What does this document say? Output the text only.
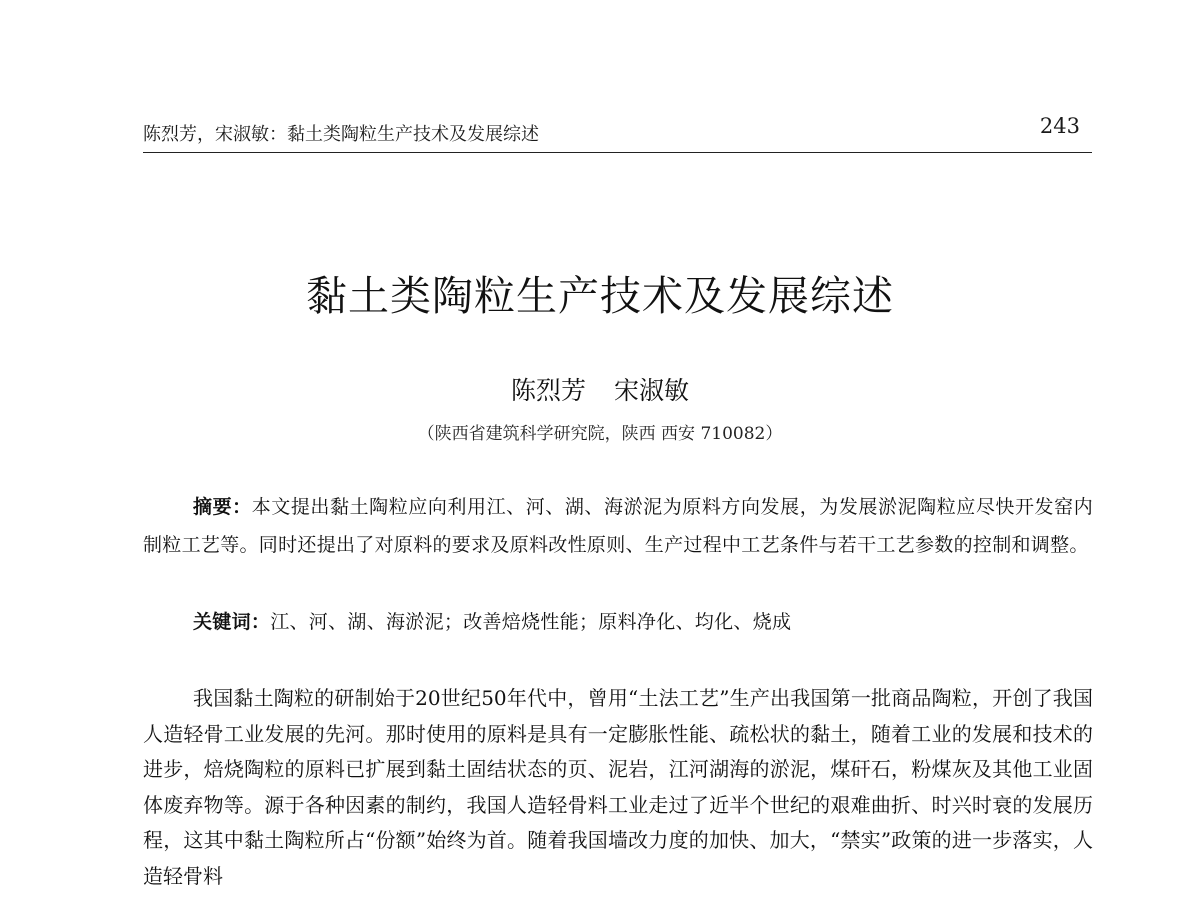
陈烈芳，宋淑敏：黏土类陶粒生产技术及发展综述	243
黏土类陶粒生产技术及发展综述
陈烈芳 宋淑敏
（陕西省建筑科学研究院，陕西 西安 710082）
摘要：本文提出黏土陶粒应向利用江、河、湖、海淤泥为原料方向发展，为发展淤泥陶粒应尽快开发窑内制粒工艺等。同时还提出了对原料的要求及原料改性原则、生产过程中工艺条件与若干工艺参数的控制和调整。
关键词：江、河、湖、海淤泥；改善焙烧性能；原料净化、均化、烧成
我国黏土陶粒的研制始于20世纪50年代中，曾用“土法工艺”生产出我国第一批商品陶粒，开创了我国人造轻骨工业发展的先河。那时使用的原料是具有一定膨胀性能、疏松状的黏土，随着工业的发展和技术的进步，焙烧陶粒的原料已扩展到黏土固结状态的页、泥岩，江河湖海的淤泥，煤矸石，粉煤灰及其他工业固体废弃物等。源于各种因素的制约，我国人造轻骨料工业走过了近半个世纪的艰难曲折、时兴时衰的发展历程，这其中黏土陶粒所占“份额”始终为首。随着我国墙改力度的加快、加大，“禁实”政策的进一步落实，人造轻骨料
